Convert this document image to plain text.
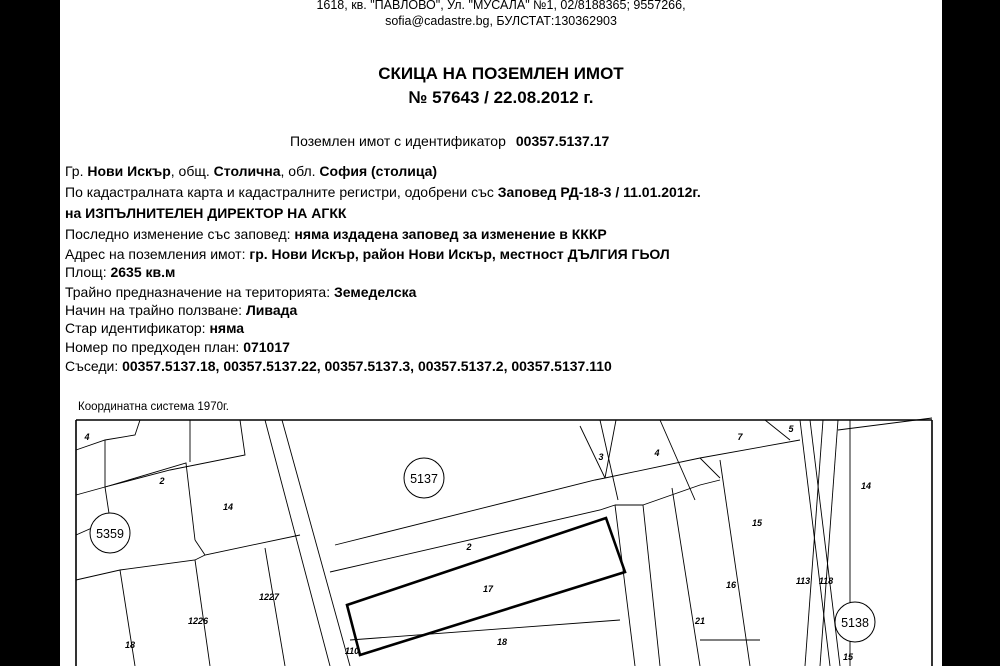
1618, кв. "ПАВЛОВО", Ул. "МУСАЛА" №1, 02/8188365; 9557266,
sofia@cadastre.bg, БУЛСТАТ:130362903
СКИЦА НА ПОЗЕМЛЕН ИМОТ
№ 57643 / 22.08.2012 г.
Поземлен имот с идентификатор 00357.5137.17
Гр. Нови Искър, общ. Столична, обл. София (столица)
По кадастралната карта и кадастралните регистри, одобрени със Заповед РД-18-3 / 11.01.2012г.
на ИЗПЪЛНИТЕЛЕН ДИРЕКТОР НА АГКК
Последно изменение със заповед: няма издадена заповед за изменение в КККР
Адрес на поземления имот: гр. Нови Искър, район Нови Искър, местност ДЪЛГИЯ ГЬОЛ
Площ: 2635 кв.м
Трайно предназначение на територията: Земеделска
Начин на трайно ползване: Ливада
Стар идентификатор: няма
Номер по предходен план: 071017
Съседи: 00357.5137.18, 00357.5137.22, 00357.5137.3, 00357.5137.2, 00357.5137.110
Координатна система 1970г.
5137
5359
5138
4
2
14
3	4
7
5
14
2
17
15
16	113 118
1227
1226
18
21
18
110
15
